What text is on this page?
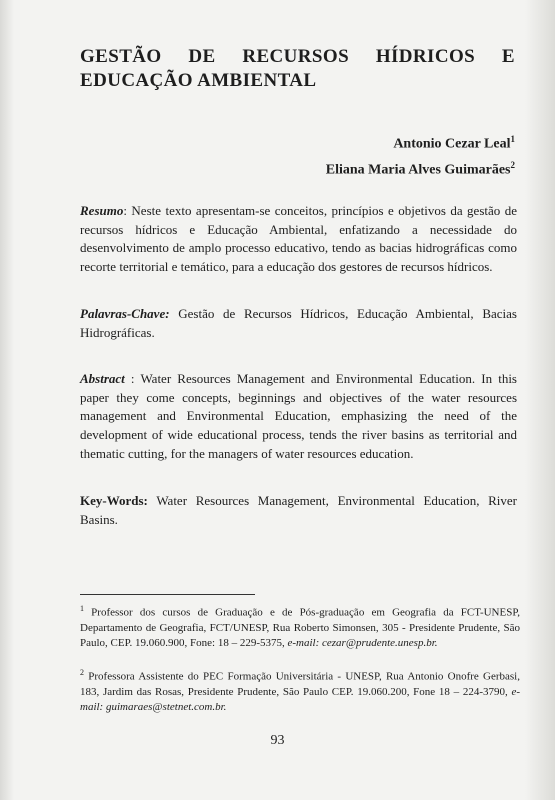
GESTÃO DE RECURSOS HÍDRICOS E
EDUCAÇÃO AMBIENTAL
Antonio Cezar Leal$^1$
Eliana Maria Alves Guimarães$^2$

Resumo: Neste texto apresentam-se conceitos, princípios e objetivos da gestão de recursos hídricos e Educação Ambiental, enfatizando a necessidade do desenvolvimento de amplo processo educativo, tendo as bacias hidrográficas como recorte territorial e temático, para a educação dos gestores de recursos hídricos.

Palavras-Chave: Gestão de Recursos Hídricos, Educação Ambiental, Bacias Hidrográficas.

Abstract : Water Resources Management and Environmental Education. In this paper they come concepts, beginnings and objectives of the water resources management and Environmental Education, emphasizing the need of the development of wide educational process, tends the river basins as territorial and thematic cutting, for the managers of water resources education.

Key-Words: Water Resources Management, Environmental Education, River Basins.

$^1$ Professor dos cursos de Graduação e de Pós-graduação em Geografia da FCT-UNESP, Departamento de Geografia, FCT/UNESP, Rua Roberto Simonsen, 305 - Presidente Prudente, São Paulo, CEP. 19.060.900, Fone: 18 – 229-5375, e-mail: cezar@prudente.unesp.br.

$^2$ Professora Assistente do PEC Formação Universitária - UNESP, Rua Antonio Onofre Gerbasi, 183, Jardim das Rosas, Presidente Prudente, São Paulo CEP. 19.060.200, Fone 18 – 224-3790, e-mail: guimaraes@stetnet.com.br.

93
